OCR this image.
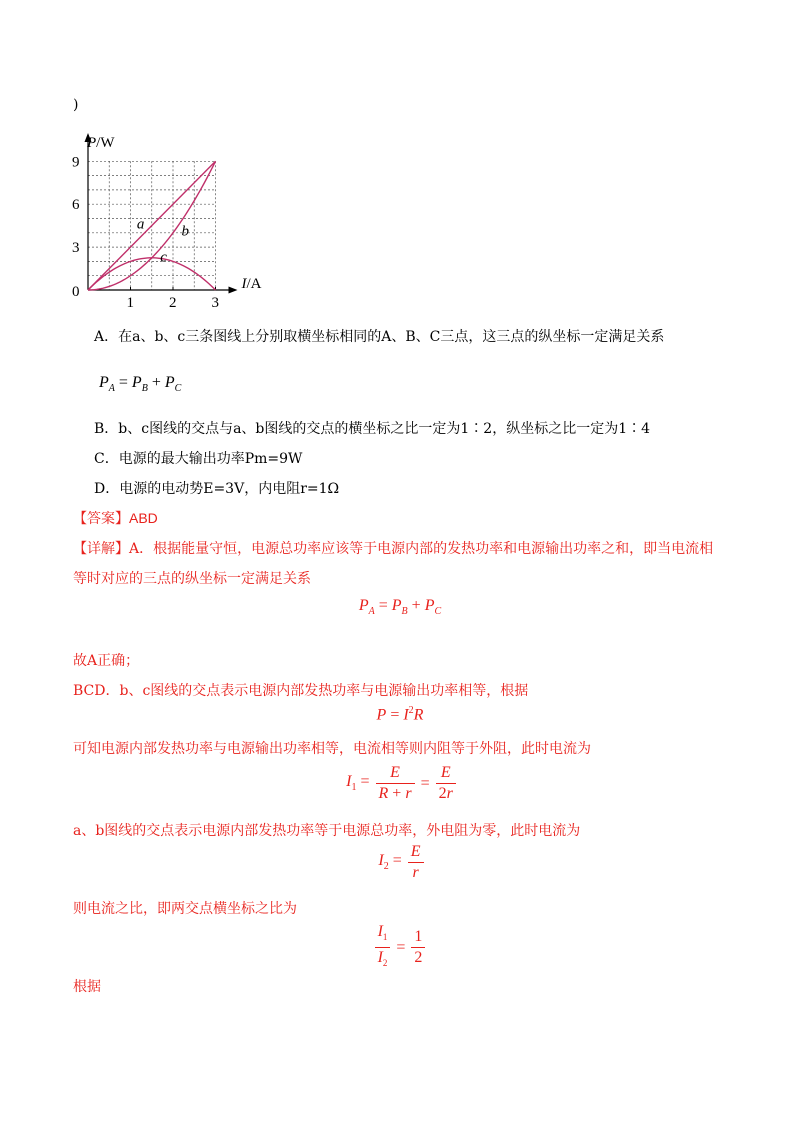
)
9
6
3
0
1 2 3
P/W
I/A
a b
c
A．在a、b、c三条图线上分别取横坐标相同的A、B、C三点，这三点的纵坐标一定满足关系
$P_A = P_B + P_C$
B．b、c图线的交点与a、b图线的交点的横坐标之比一定为1∶2，纵坐标之比一定为1∶4
C．电源的最大输出功率Pm=9W
D．电源的电动势E=3V，内电阻r=1Ω
【答案】ABD
【详解】A．根据能量守恒，电源总功率应该等于电源内部的发热功率和电源输出功率之和，即当电流相
等时对应的三点的纵坐标一定满足关系
$P_A = P_B + P_C$
故A正确；
BCD．b、c图线的交点表示电源内部发热功率与电源输出功率相等，根据
$P = I^2R$
可知电源内部发热功率与电源输出功率相等，电流相等则内阻等于外阻，此时电流为
$I_1 = \frac{E}{R + r} = \frac{E}{2r}$
a、b图线的交点表示电源内部发热功率等于电源总功率，外电阻为零，此时电流为
$I_2 = \frac{E}{r}$
则电流之比，即两交点横坐标之比为
$\frac{I_1}{I_2} = \frac{1}{2}$
根据
